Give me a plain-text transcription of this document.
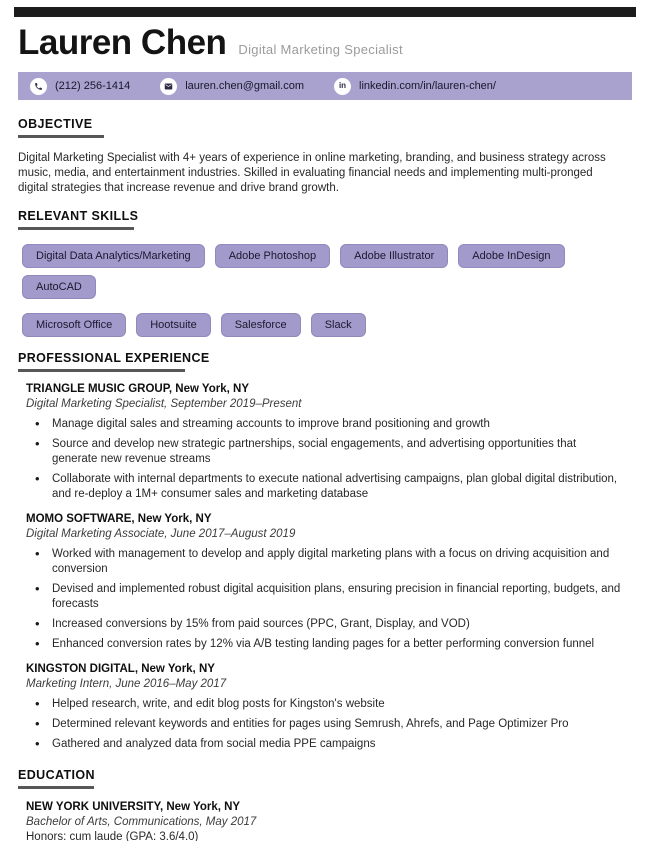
Lauren Chen Digital Marketing Specialist
(212) 256-1414	lauren.chen@gmail.com	in linkedin.com/in/lauren-chen/
OBJECTIVE

Digital Marketing Specialist with 4+ years of experience in online marketing, branding, and business strategy across music, media, and entertainment industries. Skilled in evaluating financial needs and implementing multi-pronged digital strategies that increase revenue and drive brand growth.

RELEVANT SKILLS
Digital Data Analytics/Marketing	Adobe Photoshop	Adobe Illustrator	Adobe InDesign
AutoCAD
Microsoft Office	Hootsuite	Salesforce	Slack
PROFESSIONAL EXPERIENCE
TRIANGLE MUSIC GROUP, New York, NY
Digital Marketing Specialist, September 2019–Present
• Manage digital sales and streaming accounts to improve brand positioning and growth
• Source and develop new strategic partnerships, social engagements, and advertising opportunities that generate new revenue streams
• Collaborate with internal departments to execute national advertising campaigns, plan global digital distribution, and re-deploy a 1M+ consumer sales and marketing database
MOMO SOFTWARE, New York, NY
Digital Marketing Associate, June 2017–August 2019
• Worked with management to develop and apply digital marketing plans with a focus on driving acquisition and conversion
• Devised and implemented robust digital acquisition plans, ensuring precision in financial reporting, budgets, and forecasts
• Increased conversions by 15% from paid sources (PPC, Grant, Display, and VOD)
• Enhanced conversion rates by 12% via A/B testing landing pages for a better performing conversion funnel
KINGSTON DIGITAL, New York, NY
Marketing Intern, June 2016–May 2017
• Helped research, write, and edit blog posts for Kingston's website
• Determined relevant keywords and entities for pages using Semrush, Ahrefs, and Page Optimizer Pro
• Gathered and analyzed data from social media PPE campaigns
EDUCATION
NEW YORK UNIVERSITY, New York, NY
Bachelor of Arts, Communications, May 2017
Honors: cum laude (GPA: 3.6/4.0)
